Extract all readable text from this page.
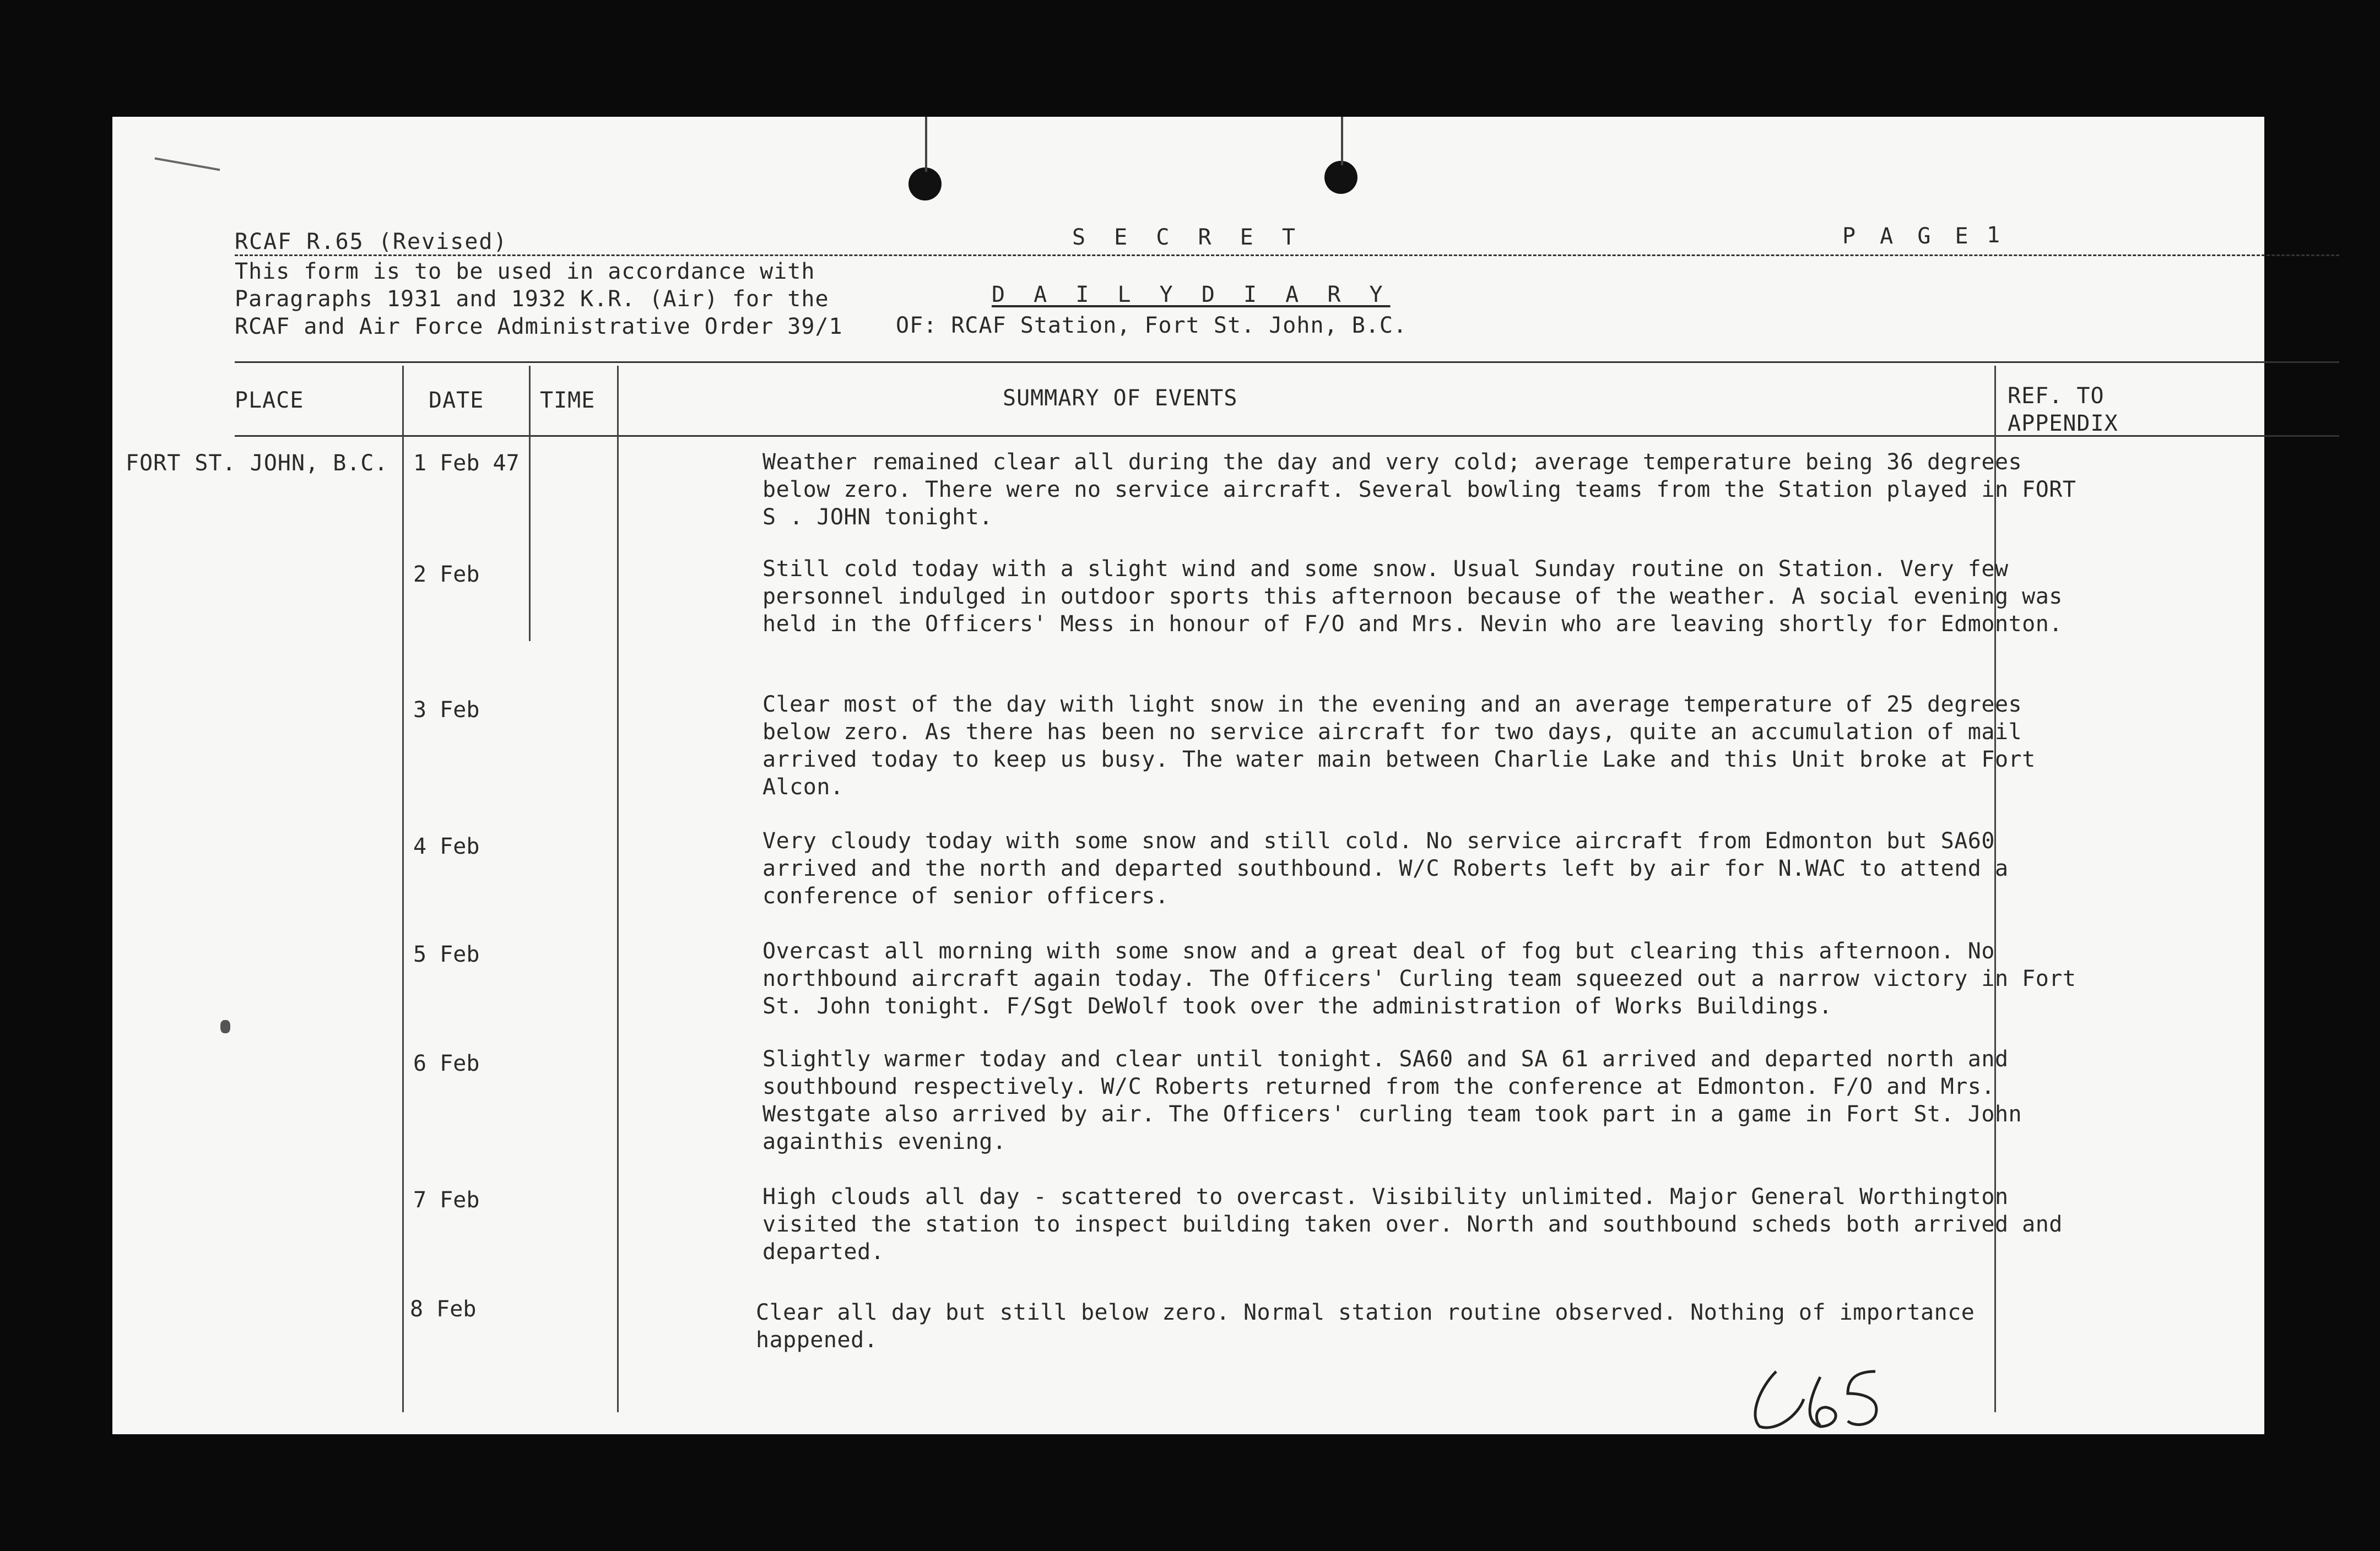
RCAF R.65 (Revised)	S E C R E T	P A G E 1
This form is to be used in accordance with
Paragraphs 1931 and 1932 K.R. (Air) for the
RCAF and Air Force Administrative Order 39/1
D A I L Y D I A R Y
OF: RCAF Station, Fort St. John, B.C.
PLACE	DATE	TIME	SUMMARY OF EVENTS	REF. TO
APPENDIX
FORT ST. JOHN, B.C. 1 Feb 47	Weather remained clear all during the day and very cold; average temperature being 36 degrees below zero. There were no service aircraft. Several bowling teams from the Station played in FORT S . JOHN tonight.
2 Feb	Still cold today with a slight wind and some snow. Usual Sunday routine on Station. Very few personnel indulged in outdoor sports this afternoon because of the weather. A social evening was held in the Officers' Mess in honour of F/O and Mrs. Nevin who are leaving shortly for Edmonton.
3 Feb	Clear most of the day with light snow in the evening and an average temperature of 25 degrees below zero. As there has been no service aircraft for two days, quite an accumulation of mail arrived today to keep us busy. The water main between Charlie Lake and this Unit broke at Fort Alcon.
4 Feb	Very cloudy today with some snow and still cold. No service aircraft from Edmonton but SA60 arrived and the north and departed southbound. W/C Roberts left by air for N.WAC to attend a conference of senior officers.
5 Feb	Overcast all morning with some snow and a great deal of fog but clearing this afternoon. No northbound aircraft again today. The Officers' Curling team squeezed out a narrow victory in Fort St. John tonight. F/Sgt DeWolf took over the administration of Works Buildings.
6 Feb	Slightly warmer today and clear until tonight. SA60 and SA 61 arrived and departed north and southbound respectively. W/C Roberts returned from the conference at Edmonton. F/O and Mrs. Westgate also arrived by air. The Officers' curling team took part in a game in Fort St. John againthis evening.
7 Feb	High clouds all day - scattered to overcast. Visibility unlimited. Major General Worthington visited the station to inspect building taken over. North and southbound scheds both arrived and departed.
8 Feb	Clear all day but still below zero. Normal station routine observed. Nothing of importance happened.
